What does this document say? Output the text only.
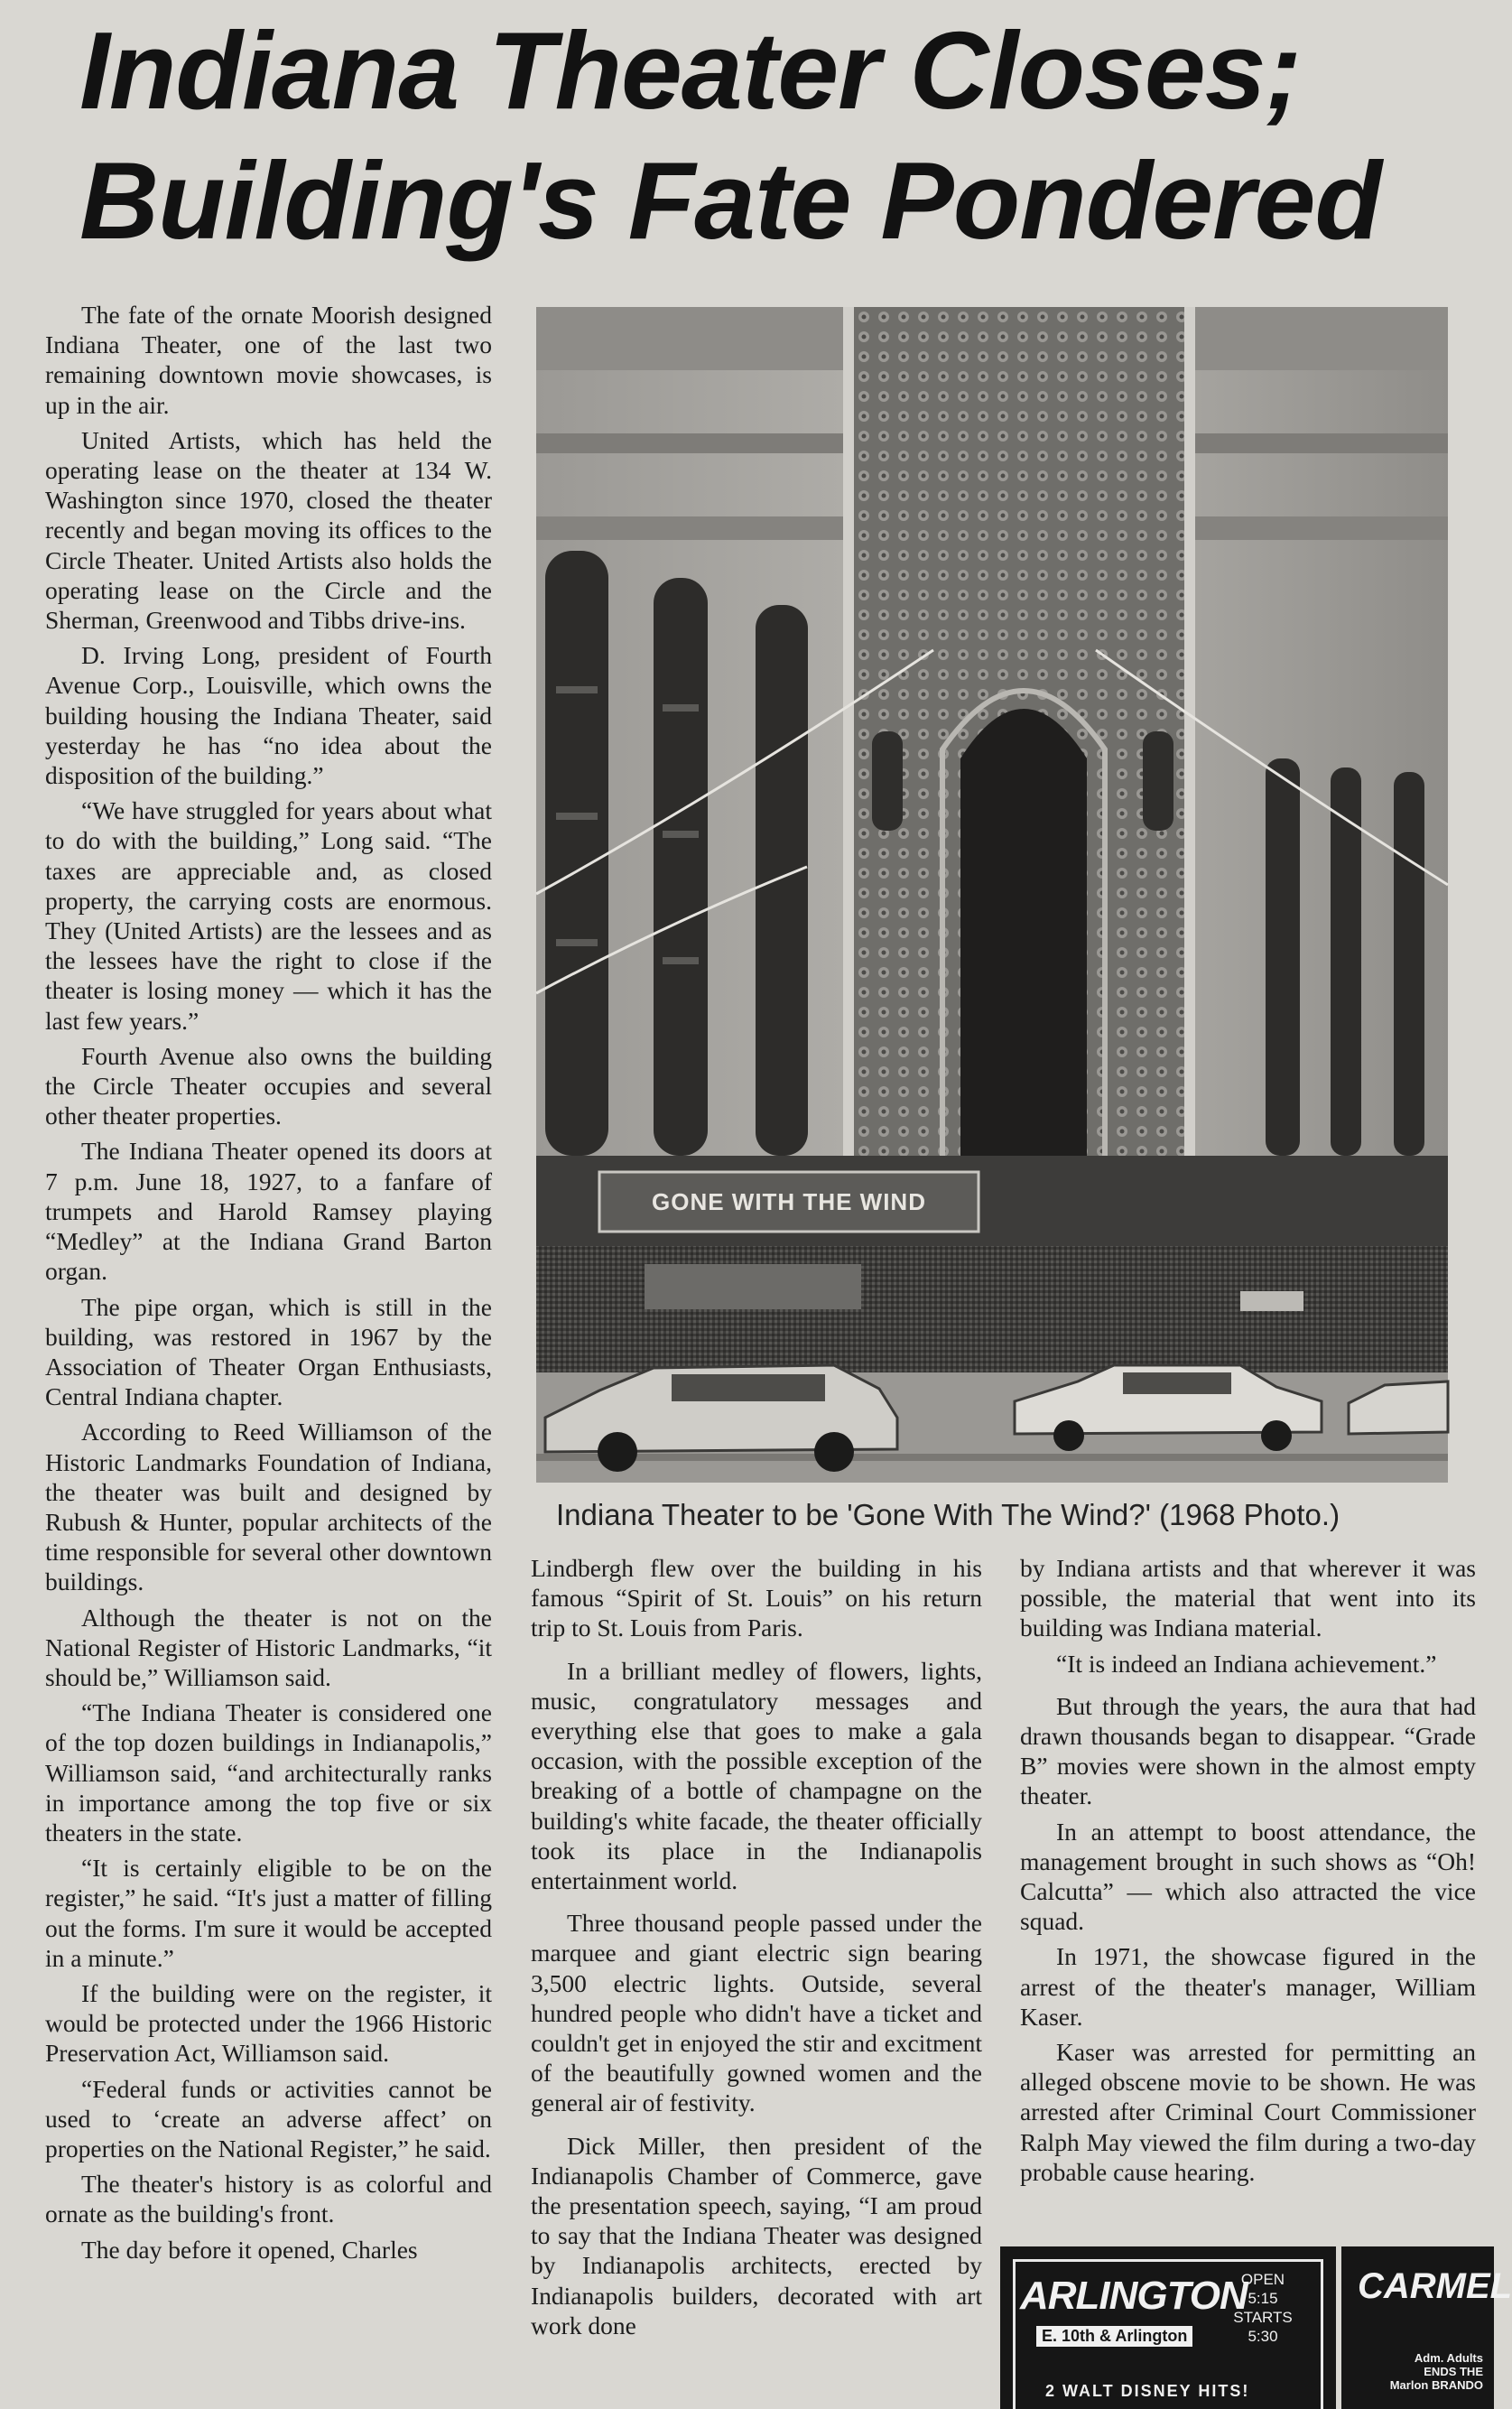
Indiana Theater Closes;
Building's Fate Pondered

The fate of the ornate Moorish designed Indiana Theater, one of the last two remaining downtown movie showcases, is up in the air.

United Artists, which has held the operating lease on the theater at 134 W. Washington since 1970, closed the theater recently and began moving its offices to the Circle Theater. United Artists also holds the operating lease on the Circle and the Sherman, Greenwood and Tibbs drive-ins.

D. Irving Long, president of Fourth Avenue Corp., Louisville, which owns the building housing the Indiana Theater, said yesterday he has “no idea about the disposition of the building.”

“We have struggled for years about what to do with the building,” Long said. “The taxes are appreciable and, as closed property, the carrying costs are enormous. They (United Artists) are the lessees and as the lessees have the right to close if the theater is losing money — which it has the last few years.”

Fourth Avenue also owns the building the Circle Theater occupies and several other theater properties.

The Indiana Theater opened its doors at 7 p.m. June 18, 1927, to a fanfare of trumpets and Harold Ramsey playing “Medley” at the Indiana Grand Barton organ.

The pipe organ, which is still in the building, was restored in 1967 by the Association of Theater Organ Enthusiasts, Central Indiana chapter.

According to Reed Williamson of the Historic Landmarks Foundation of Indiana, the theater was built and designed by Rubush & Hunter, popular architects of the time responsible for several other downtown buildings.

Although the theater is not on the National Register of Historic Landmarks, “it should be,” Williamson said.

“The Indiana Theater is considered one of the top dozen buildings in Indianapolis,” Williamson said, “and architecturally ranks in importance among the top five or six theaters in the state.

“It is certainly eligible to be on the register,” he said. “It's just a matter of filling out the forms. I'm sure it would be accepted in a minute.”

If the building were on the register, it would be protected under the 1966 Historic Preservation Act, Williamson said.

“Federal funds or activities cannot be used to ‘create an adverse affect’ on properties on the National Register,” he said.

The theater's history is as colorful and ornate as the building's front.

The day before it opened, Charles

GONE WITH THE WIND
Indiana Theater to be 'Gone With The Wind?' (1968 Photo.)

Lindbergh flew over the building in his famous “Spirit of St. Louis” on his return trip to St. Louis from Paris.

In a brilliant medley of flowers, lights, music, congratulatory messages and everything else that goes to make a gala occasion, with the possible exception of the breaking of a bottle of champagne on the building's white facade, the theater officially took its place in the Indianapolis entertainment world.

Three thousand people passed under the marquee and giant electric sign bearing 3,500 electric lights. Outside, several hundred people who didn't have a ticket and couldn't get in enjoyed the stir and excitment of the beautifully gowned women and the general air of festivity.

Dick Miller, then president of the Indianapolis Chamber of Commerce, gave the presentation speech, saying, “I am proud to say that the Indiana Theater was designed by Indianapolis architects, erected by Indianapolis builders, decorated with art work done

by Indiana artists and that wherever it was possible, the material that went into its building was Indiana material.

“It is indeed an Indiana achievement.”

But through the years, the aura that had drawn thousands began to disappear. “Grade B” movies were shown in the almost empty theater.

In an attempt to boost attendance, the management brought in such shows as “Oh! Calcutta” — which also attracted the vice squad.

In 1971, the showcase figured in the arrest of the theater's manager, William Kaser.

Kaser was arrested for permitting an alleged obscene movie to be shown. He was arrested after Criminal Court Commissioner Ralph May viewed the film during a two-day probable cause hearing.

ARLINGTON
E. 10th & Arlington
OPEN
5:15
STARTS
5:30
2 WALT DISNEY HITS!
CARMEL
Adm. Adults
ENDS THE
Marlon BRANDO
